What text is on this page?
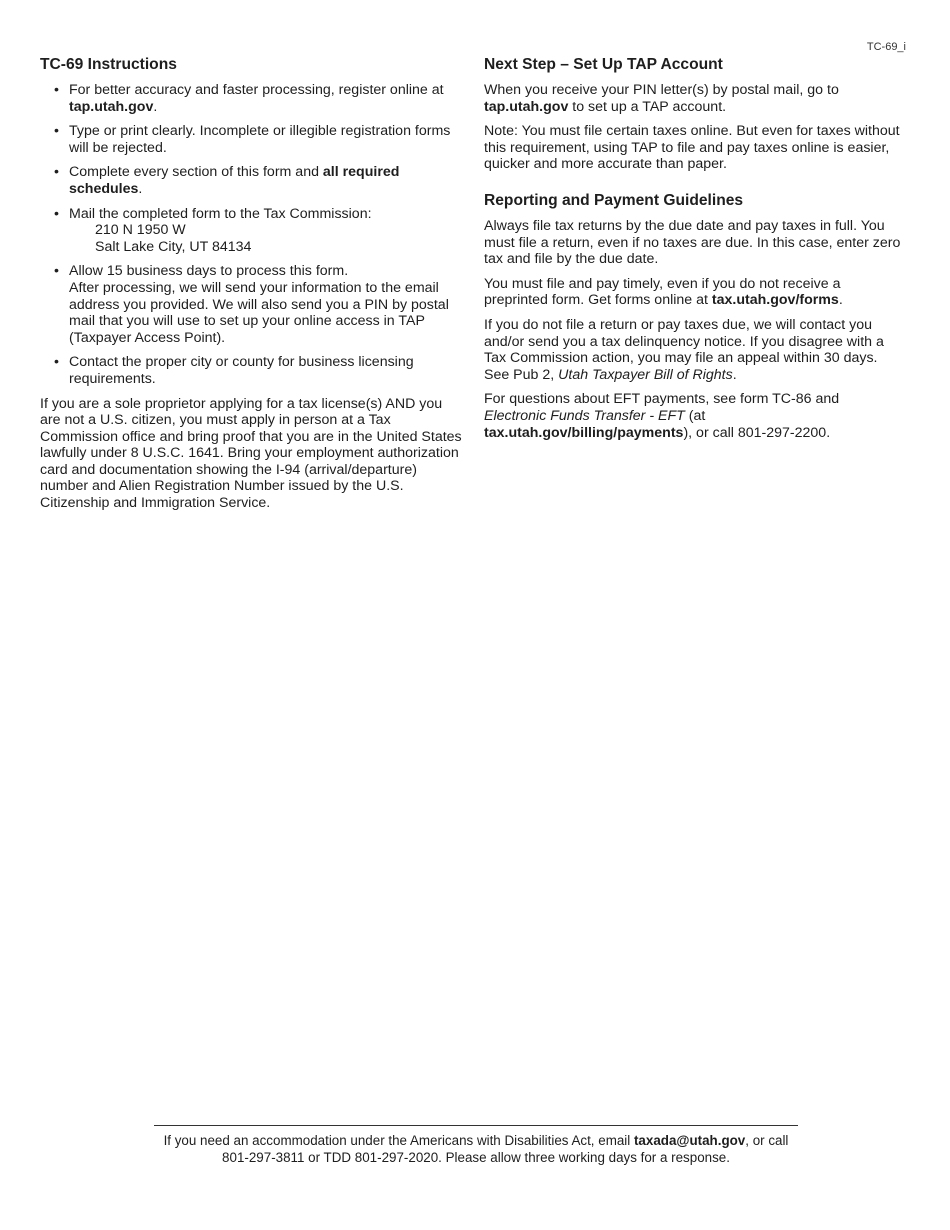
TC-69_i
TC-69 Instructions
• For better accuracy and faster processing, register online at tap.utah.gov.
• Type or print clearly. Incomplete or illegible registration forms will be rejected.
• Complete every section of this form and all required schedules.
• Mail the completed form to the Tax Commission:
210 N 1950 W
Salt Lake City, UT 84134
• Allow 15 business days to process this form.
After processing, we will send your information to the email address you provided. We will also send you a PIN by postal mail that you will use to set up your online access in TAP (Taxpayer Access Point).
• Contact the proper city or county for business licensing requirements.

If you are a sole proprietor applying for a tax license(s) AND you are not a U.S. citizen, you must apply in person at a Tax Commission office and bring proof that you are in the United States lawfully under 8 U.S.C. 1641. Bring your employment authorization card and documentation showing the I-94 (arrival/departure) number and Alien Registration Number issued by the U.S. Citizenship and Immigration Service.

Next Step – Set Up TAP Account

When you receive your PIN letter(s) by postal mail, go to tap.utah.gov to set up a TAP account.

Note: You must file certain taxes online. But even for taxes without this requirement, using TAP to file and pay taxes online is easier, quicker and more accurate than paper.

Reporting and Payment Guidelines

Always file tax returns by the due date and pay taxes in full. You must file a return, even if no taxes are due. In this case, enter zero tax and file by the due date.

You must file and pay timely, even if you do not receive a preprinted form. Get forms online at tax.utah.gov/forms.

If you do not file a return or pay taxes due, we will contact you and/or send you a tax delinquency notice. If you disagree with a Tax Commission action, you may file an appeal within 30 days. See Pub 2, Utah Taxpayer Bill of Rights.

For questions about EFT payments, see form TC-86 and Electronic Funds Transfer - EFT (at tax.utah.gov/billing/payments), or call 801-297-2200.

If you need an accommodation under the Americans with Disabilities Act, email taxada@utah.gov, or call 801-297-3811 or TDD 801-297-2020. Please allow three working days for a response.
